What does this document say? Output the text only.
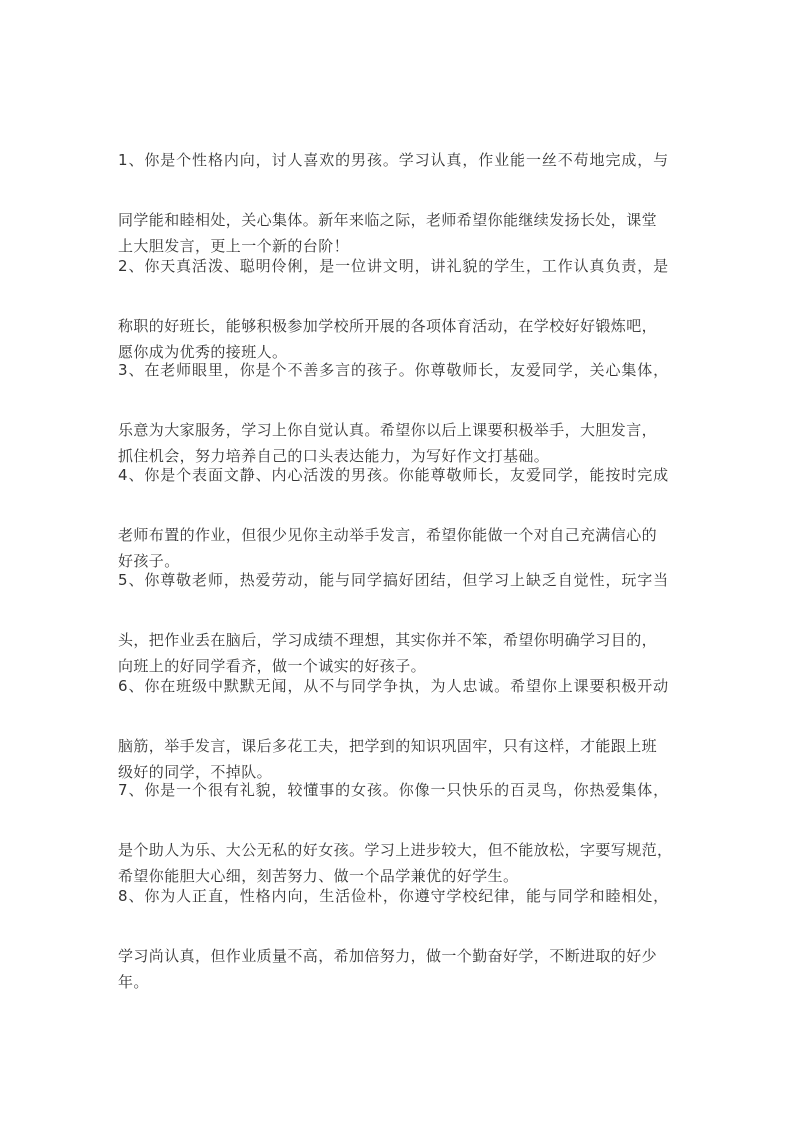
1、你是个性格内向，讨人喜欢的男孩。学习认真，作业能一丝不苟地完成，与
同学能和睦相处，关心集体。新年来临之际，老师希望你能继续发扬长处，课堂
上大胆发言，更上一个新的台阶！
2、你天真活泼、聪明伶俐，是一位讲文明，讲礼貌的学生，工作认真负责，是
称职的好班长，能够积极参加学校所开展的各项体育活动，在学校好好锻炼吧，
愿你成为优秀的接班人。
3、在老师眼里，你是个不善多言的孩子。你尊敬师长，友爱同学，关心集体，
乐意为大家服务，学习上你自觉认真。希望你以后上课要积极举手，大胆发言，
抓住机会，努力培养自己的口头表达能力，为写好作文打基础。
4、你是个表面文静、内心活泼的男孩。你能尊敬师长，友爱同学，能按时完成
老师布置的作业，但很少见你主动举手发言，希望你能做一个对自己充满信心的
好孩子。
5、你尊敬老师，热爱劳动，能与同学搞好团结，但学习上缺乏自觉性，玩字当
头，把作业丢在脑后，学习成绩不理想，其实你并不笨，希望你明确学习目的，
向班上的好同学看齐，做一个诚实的好孩子。
6、你在班级中默默无闻，从不与同学争执，为人忠诚。希望你上课要积极开动
脑筋，举手发言，课后多花工夫，把学到的知识巩固牢，只有这样，才能跟上班
级好的同学，不掉队。
7、你是一个很有礼貌，较懂事的女孩。你像一只快乐的百灵鸟，你热爱集体，
是个助人为乐、大公无私的好女孩。学习上进步较大，但不能放松，字要写规范，
希望你能胆大心细，刻苦努力、做一个品学兼优的好学生。
8、你为人正直，性格内向，生活俭朴，你遵守学校纪律，能与同学和睦相处，
学习尚认真，但作业质量不高，希加倍努力，做一个勤奋好学，不断进取的好少
年。
